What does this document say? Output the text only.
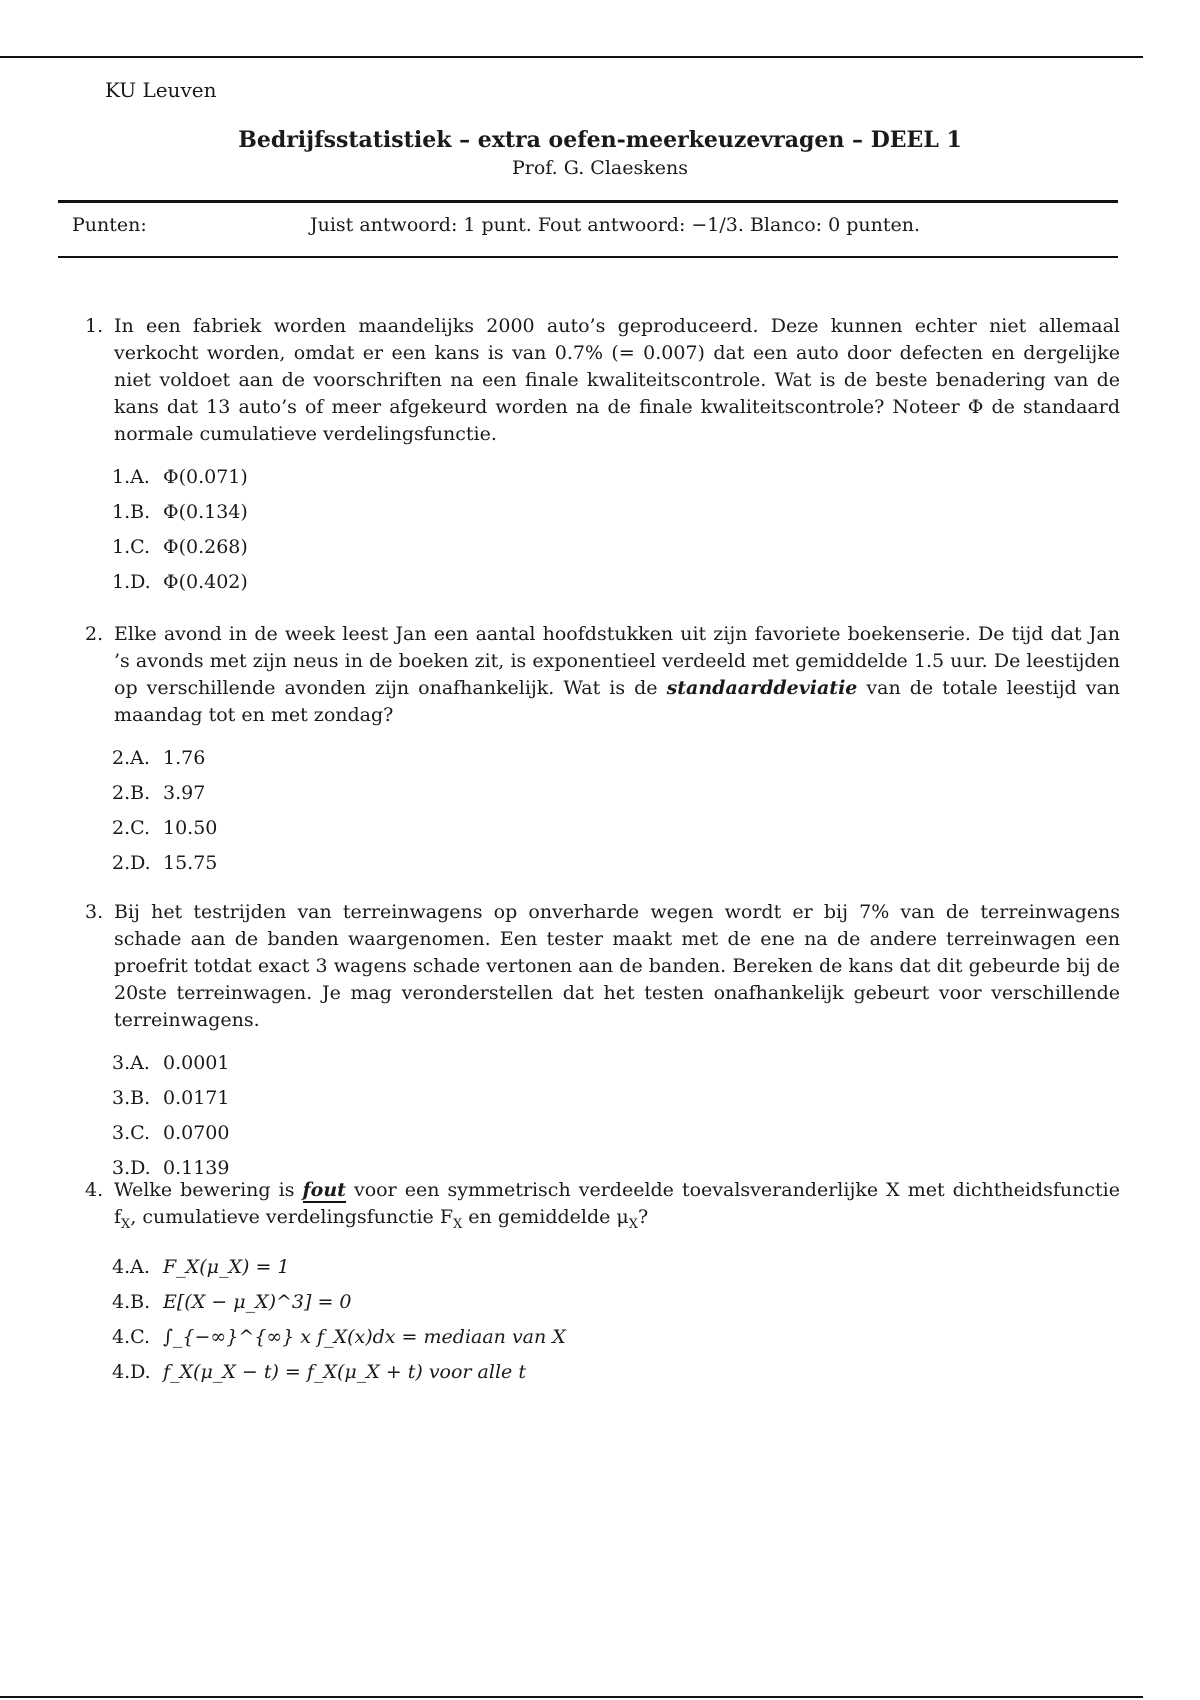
KU Leuven
Bedrijfsstatistiek – extra oefen-meerkeuzevragen – DEEL 1
Prof. G. Claeskens
Punten:	Juist antwoord: 1 punt. Fout antwoord: −1/3. Blanco: 0 punten.
1. In een fabriek worden maandelijks 2000 auto’s geproduceerd. Deze kunnen echter niet allemaal verkocht worden, omdat er een kans is van 0.7% (= 0.007) dat een auto door defecten en dergelijke niet voldoet aan de voorschriften na een finale kwaliteitscontrole. Wat is de beste benadering van de kans dat 13 auto’s of meer afgekeurd worden na de finale kwaliteitscontrole? Noteer Φ de standaard normale cumulatieve verdelingsfunctie.
1.A. Φ(0.071)
1.B. Φ(0.134)
1.C. Φ(0.268)
1.D. Φ(0.402)
2. Elke avond in de week leest Jan een aantal hoofdstukken uit zijn favoriete boekenserie. De tijd dat Jan ’s avonds met zijn neus in de boeken zit, is exponentieel verdeeld met gemiddelde 1.5 uur. De leestijden op verschillende avonden zijn onafhankelijk. Wat is de standaarddeviatie van de totale leestijd van maandag tot en met zondag?
2.A. 1.76
2.B. 3.97
2.C. 10.50
2.D. 15.75
3. Bij het testrijden van terreinwagens op onverharde wegen wordt er bij 7% van de terreinwagens schade aan de banden waargenomen. Een tester maakt met de ene na de andere terreinwagen een proefrit totdat exact 3 wagens schade vertonen aan de banden. Bereken de kans dat dit gebeurde bij de 20ste terreinwagen. Je mag veronderstellen dat het testen onafhankelijk gebeurt voor verschillende terreinwagens.
3.A. 0.0001
3.B. 0.0171
3.C. 0.0700
3.D. 0.1139
4. Welke bewering is fout voor een symmetrisch verdeelde toevalsveranderlijke X met dichtheidsfunctie $f_X$, cumulatieve verdelingsfunctie $F_X$ en gemiddelde $\mu_X$?
4.A. F_X(μ_X) = 1
4.B. E[(X − μ_X)^3] = 0
4.C. ∫_{−∞}^{∞} x f_X(x)dx = mediaan van X
4.D. f_X(μ_X − t) = f_X(μ_X + t) voor alle t
